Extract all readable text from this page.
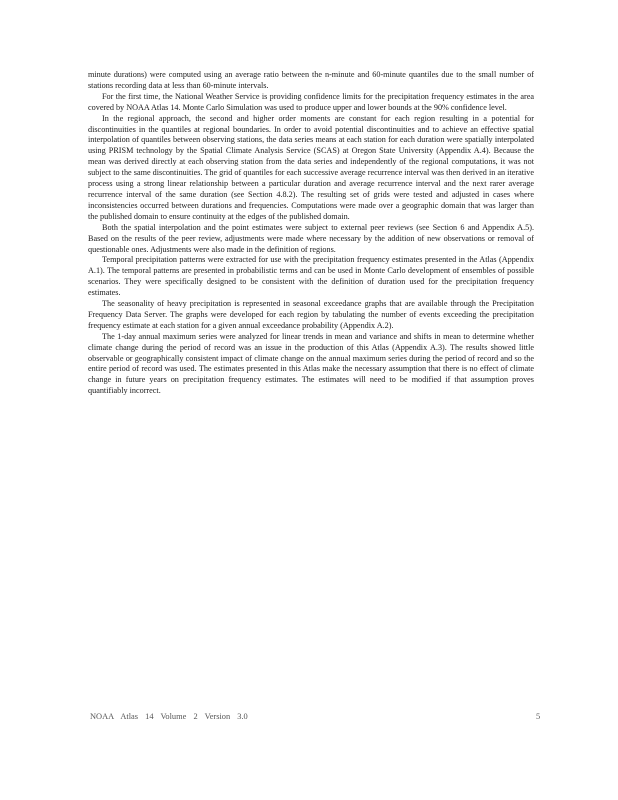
minute durations) were computed using an average ratio between the n-minute and 60-minute quantiles due to the small number of stations recording data at less than 60-minute intervals.

For the first time, the National Weather Service is providing confidence limits for the precipitation frequency estimates in the area covered by NOAA Atlas 14. Monte Carlo Simulation was used to produce upper and lower bounds at the 90% confidence level.

In the regional approach, the second and higher order moments are constant for each region resulting in a potential for discontinuities in the quantiles at regional boundaries. In order to avoid potential discontinuities and to achieve an effective spatial interpolation of quantiles between observing stations, the data series means at each station for each duration were spatially interpolated using PRISM technology by the Spatial Climate Analysis Service (SCAS) at Oregon State University (Appendix A.4). Because the mean was derived directly at each observing station from the data series and independently of the regional computations, it was not subject to the same discontinuities. The grid of quantiles for each successive average recurrence interval was then derived in an iterative process using a strong linear relationship between a particular duration and average recurrence interval and the next rarer average recurrence interval of the same duration (see Section 4.8.2). The resulting set of grids were tested and adjusted in cases where inconsistencies occurred between durations and frequencies. Computations were made over a geographic domain that was larger than the published domain to ensure continuity at the edges of the published domain.

Both the spatial interpolation and the point estimates were subject to external peer reviews (see Section 6 and Appendix A.5). Based on the results of the peer review, adjustments were made where necessary by the addition of new observations or removal of questionable ones. Adjustments were also made in the definition of regions.

Temporal precipitation patterns were extracted for use with the precipitation frequency estimates presented in the Atlas (Appendix A.1). The temporal patterns are presented in probabilistic terms and can be used in Monte Carlo development of ensembles of possible scenarios. They were specifically designed to be consistent with the definition of duration used for the precipitation frequency estimates.

The seasonality of heavy precipitation is represented in seasonal exceedance graphs that are available through the Precipitation Frequency Data Server. The graphs were developed for each region by tabulating the number of events exceeding the precipitation frequency estimate at each station for a given annual exceedance probability (Appendix A.2).

The 1-day annual maximum series were analyzed for linear trends in mean and variance and shifts in mean to determine whether climate change during the period of record was an issue in the production of this Atlas (Appendix A.3). The results showed little observable or geographically consistent impact of climate change on the annual maximum series during the period of record and so the entire period of record was used. The estimates presented in this Atlas make the necessary assumption that there is no effect of climate change in future years on precipitation frequency estimates. The estimates will need to be modified if that assumption proves quantifiably incorrect.

NOAA Atlas 14 Volume 2 Version 3.0	5
